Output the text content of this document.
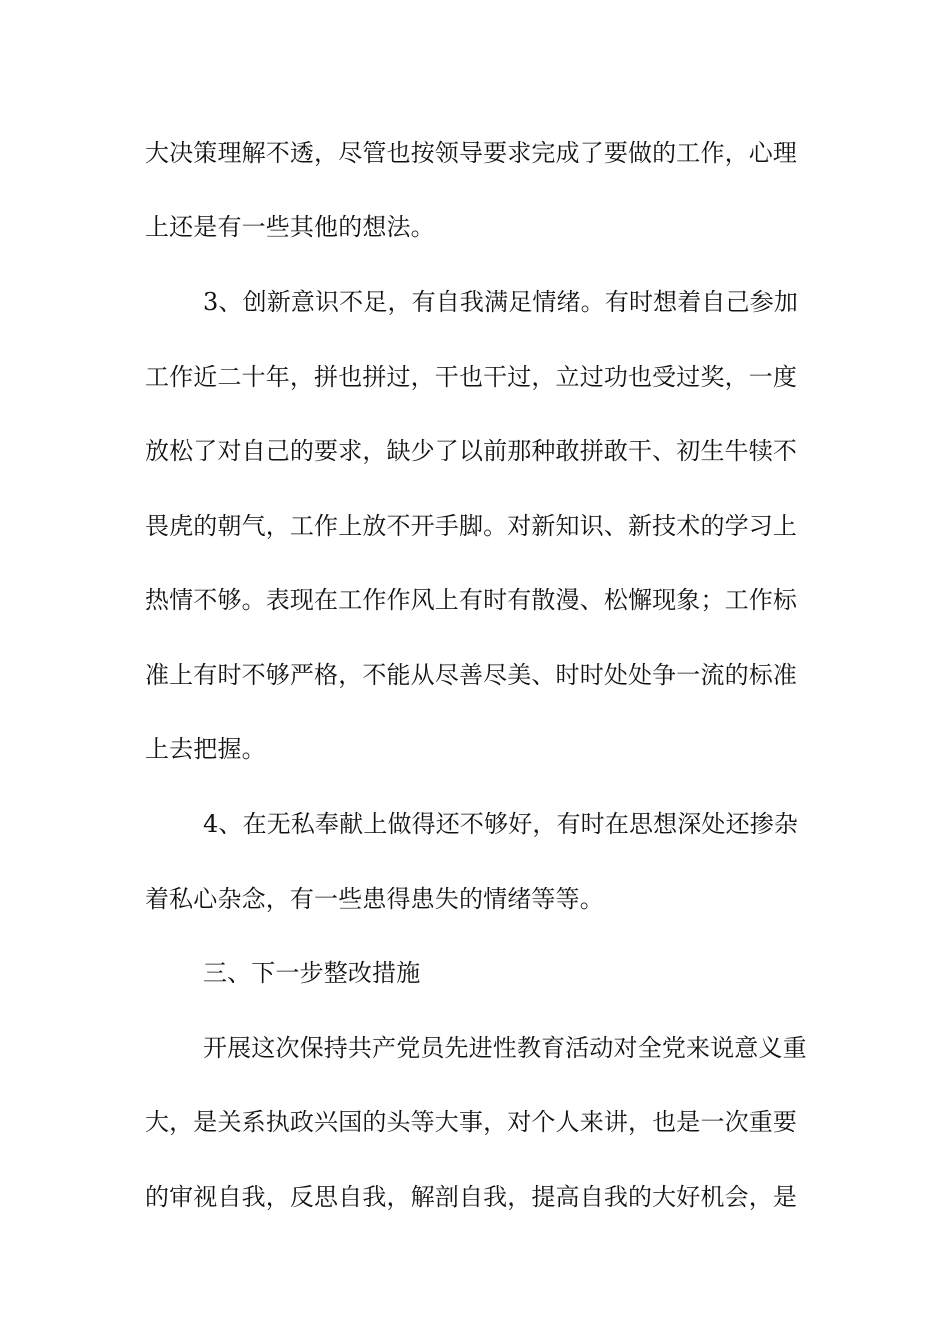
大决策理解不透，尽管也按领导要求完成了要做的工作，心理
上还是有一些其他的想法。
3、创新意识不足，有自我满足情绪。有时想着自己参加
工作近二十年，拼也拼过，干也干过，立过功也受过奖，一度
放松了对自己的要求，缺少了以前那种敢拼敢干、初生牛犊不
畏虎的朝气，工作上放不开手脚。对新知识、新技术的学习上
热情不够。表现在工作作风上有时有散漫、松懈现象；工作标
准上有时不够严格，不能从尽善尽美、时时处处争一流的标准
上去把握。
4、在无私奉献上做得还不够好，有时在思想深处还掺杂
着私心杂念，有一些患得患失的情绪等等。
三、下一步整改措施
开展这次保持共产党员先进性教育活动对全党来说意义重
大，是关系执政兴国的头等大事，对个人来讲，也是一次重要
的审视自我，反思自我，解剖自我，提高自我的大好机会，是
